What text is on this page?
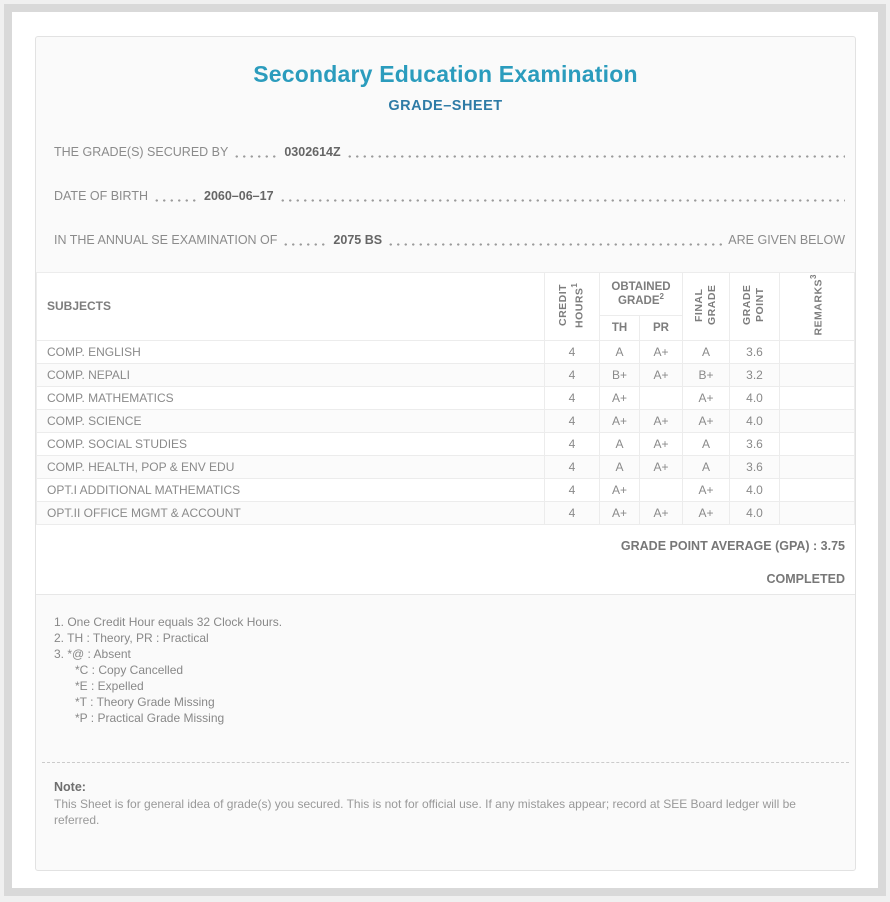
Secondary Education Examination
GRADE–SHEET
THE GRADE(S) SECURED BY	0302614Z
DATE OF BIRTH	2060–06–17
IN THE ANNUAL SE EXAMINATION OF	2075 BS	ARE GIVEN BELOW
SUBJECTS	CREDIT HOURS$^1$	OBTAINED GRADE$^2$		FINAL GRADE	GRADE POINT	REMARKS$^3$
		TH	PR			
COMP. ENGLISH	4	A	A+	A	3.6	
COMP. NEPALI	4	B+	A+	B+	3.2	
COMP. MATHEMATICS	4	A+		A+	4.0	
COMP. SCIENCE	4	A+	A+	A+	4.0	
COMP. SOCIAL STUDIES	4	A	A+	A	3.6	
COMP. HEALTH, POP & ENV EDU	4	A	A+	A	3.6	
OPT.I ADDITIONAL MATHEMATICS	4	A+		A+	4.0	
OPT.II OFFICE MGMT & ACCOUNT	4	A+	A+	A+	4.0	
GRADE POINT AVERAGE (GPA) : 3.75
COMPLETED
1. One Credit Hour equals 32 Clock Hours.
2. TH : Theory, PR : Practical
3. *@ : Absent
*C : Copy Cancelled
*E : Expelled
*T : Theory Grade Missing
*P : Practical Grade Missing
Note:
This Sheet is for general idea of grade(s) you secured. This is not for official use. If any mistakes appear; record at SEE Board ledger will be referred.
